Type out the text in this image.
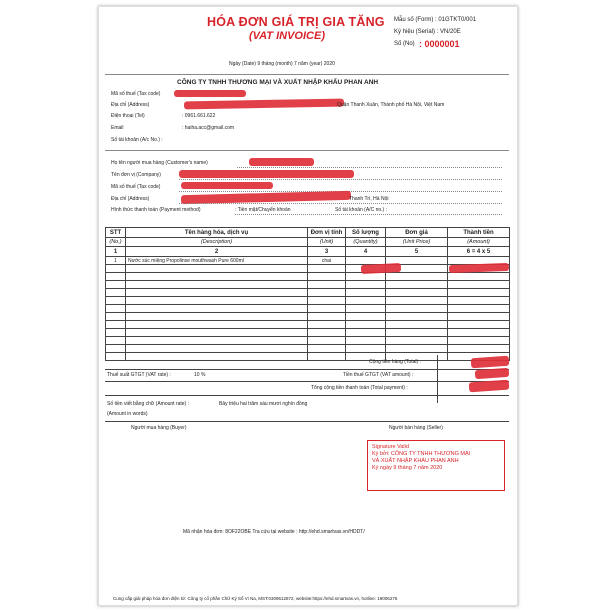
HÓA ĐƠN GIÁ TRỊ GIA TĂNG
(VAT INVOICE)
Mẫu số (Form) : 01GTKT0/001
Ký hiệu (Serial) : VN/20E
Số (No) : 0000001
Ngày (Date) 9 tháng (month) 7 năm (year) 2020
CÔNG TY TNHH THƯƠNG MẠI VÀ XUẤT NHẬP KHẨU PHAN ANH
Mã số thuế (Tax code)
Địa chỉ (Address)	Quận Thanh Xuân, Thành phố Hà Nội, Việt Nam
Điện thoại (Tel)	: 0961.661.622
Email	: haiha.acc@gmail.com
Số tài khoản (A/c No.) :
Họ tên người mua hàng (Customer's name)
Tên đơn vị (Company)
Mã số thuế (Tax code)
Địa chỉ (Address)	Thanh Trì, Hà Nội
Hình thức thanh toán (Payment method)	: Tiền mặt/Chuyển khoản	Số tài khoản (A/C no.) :
STT	Tên hàng hóa, dịch vụ	Đơn vị tính	Số lượng	Đơn giá	Thành tiền
(No.)	(Description)	(Unit)	(Quantity)	(Unit Price)	(Amount)
1	2	3	4	5	6 = 4 x 5
1	Nước súc miệng Propolinse mouthwash Pure 600ml	chai			

Cộng tiền hàng (Total) :
Thuế suất GTGT (VAT rate) :	10 %	Tiền thuế GTGT (VAT amount) :
Tổng cộng tiền thanh toán (Total payment) :
Số tiền viết bằng chữ (Amount rate) :	Bảy triệu hai trăm sáu mươi nghìn đồng
(Amount in words)
Người mua hàng (Buyer)	Người bán hàng (Seller)
Signature Valid
Ký bởi: CÔNG TY TNHH THƯƠNG MẠI
VÀ XUẤT NHẬP KHẨU PHAN ANH
Ký ngày 9 tháng 7 năm 2020
Mã nhận hóa đơn: 8OF22OBE Tra cứu tại website : http://ehd.smartvas.vn/HDDT/
Cung cấp giải pháp hóa đơn điện tử: Công ty cổ phần Chữ Ký Số Vi Na, MST:0309612872, website:https://ehd.smartvas.vn, hotline: 19006276
